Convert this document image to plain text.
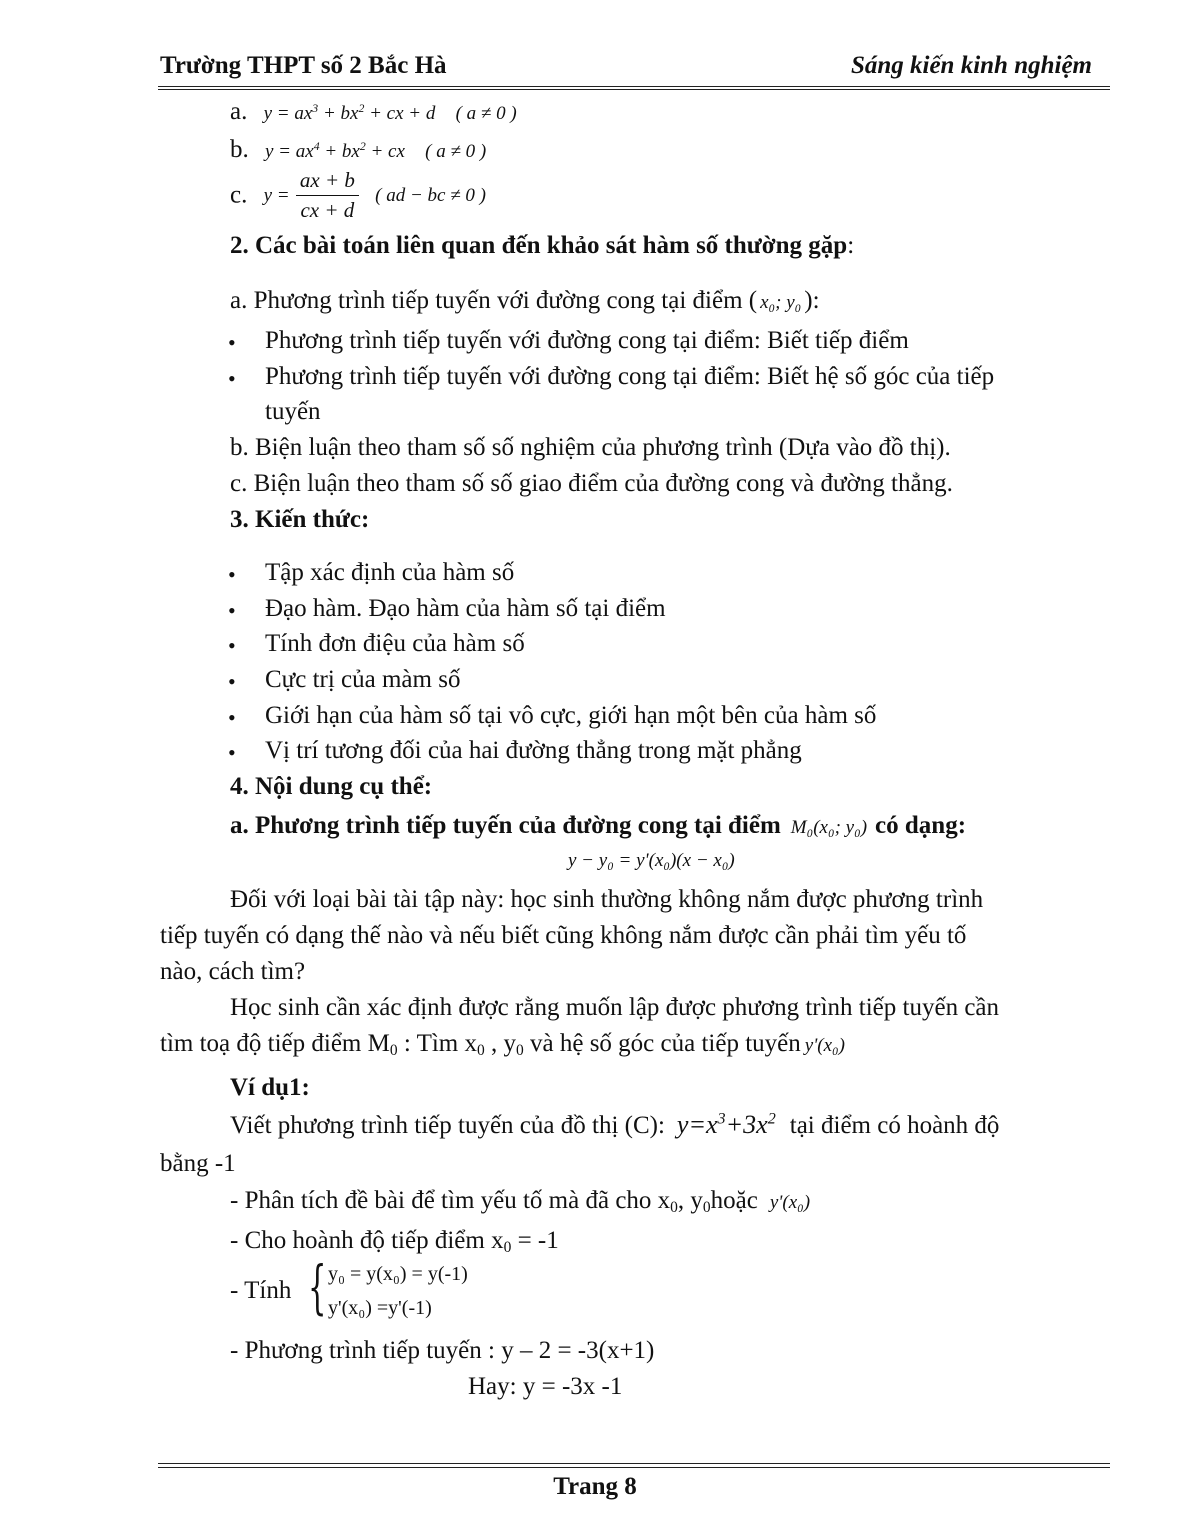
Trường THPT số 2 Bắc Hà	Sáng kiến kinh nghiệm
a. $y = ax^3 + bx^2$ + cx + d ( a ≠ 0 )
b. $y = ax^4 + bx^2$ + cx ( a ≠ 0 )
c. $y = \frac{ax + b}{cx + d}$ ( ad − bc ≠ 0 )
2. Các bài toán liên quan đến khảo sát hàm số thường gặp:
a. Phương trình tiếp tuyến với đường cong tại điểm ( x₀; y₀ ):
• Phương trình tiếp tuyến với đường cong tại điểm: Biết tiếp điểm
• Phương trình tiếp tuyến với đường cong tại điểm: Biết hệ số góc của tiếp
tuyến
b. Biện luận theo tham số số nghiệm của phương trình (Dựa vào đồ thị).
c. Biện luận theo tham số số giao điểm của đường cong và đường thẳng.
3. Kiến thức:
• Tập xác định của hàm số
• Đạo hàm. Đạo hàm của hàm số tại điểm
• Tính đơn điệu của hàm số
• Cực trị của màm số
• Giới hạn của hàm số tại vô cực, giới hạn một bên của hàm số
• Vị trí tương đối của hai đường thẳng trong mặt phẳng
4. Nội dung cụ thể:
a. Phương trình tiếp tuyến của đường cong tại điểm M₀(x₀; y₀) có dạng:
y − y₀ = y'(x₀)(x − x₀)
Đối với loại bài tài tập này: học sinh thường không nắm được phương trình
tiếp tuyến có dạng thế nào và nếu biết cũng không nắm được cần phải tìm yếu tố
nào, cách tìm?
Học sinh cần xác định được rằng muốn lập được phương trình tiếp tuyến cần
tìm toạ độ tiếp điểm $M_0$ : Tìm $x_0$ , $y_0$ và hệ số góc của tiếp tuyến y'(x₀)
Ví dụ1:
Viết phương trình tiếp tuyến của đồ thị (C): $y=x^3+3x^2$ tại điểm có hoành độ
bằng -1
- Phân tích đề bài để tìm yếu tố mà đã cho $x_0$, $y_0hoặc$ y'(x₀)
- Cho hoành độ tiếp điểm $x_0 = -1$
- Tính { y₀ = y(x₀) = y(-1)
y'(x₀) =y'(-1)
- Phương trình tiếp tuyến : y – 2 = -3(x+1)
Hay: y = -3x -1
Trang 8
